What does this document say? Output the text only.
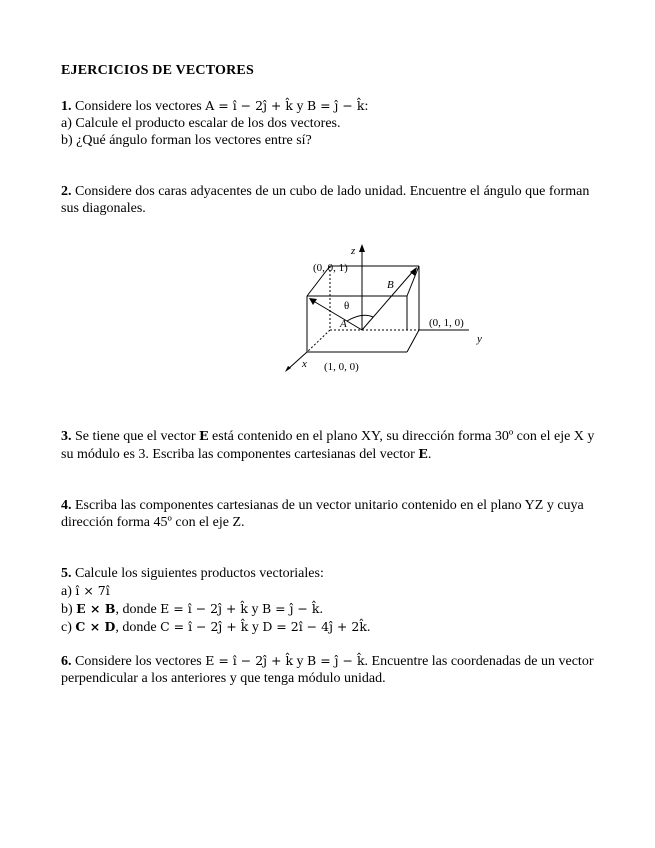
EJERCICIOS DE VECTORES

1. Considere los vectores A = î − 2ĵ + k̂ y B = ĵ − k̂:

a) Calcule el producto escalar de los dos vectores.

b) ¿Qué ángulo forman los vectores entre sí?

2. Considere dos caras adyacentes de un cubo de lado unidad. Encuentre el ángulo que forman sus diagonales.

z
(0, 0, 1)
B
θ
A	(0, 1, 0)
y
x (1, 0, 0)

3. Se tiene que el vector E está contenido en el plano XY, su dirección forma 30º con el eje X y su módulo es 3. Escriba las componentes cartesianas del vector E.

4. Escriba las componentes cartesianas de un vector unitario contenido en el plano YZ y cuya dirección forma 45º con el eje Z.

5. Calcule los siguientes productos vectoriales:

a) î × 7î

b) E × B, donde E = î − 2ĵ + k̂ y B = ĵ − k̂.

c) C × D, donde C = î − 2ĵ + k̂ y D = 2î − 4ĵ + 2k̂.

6. Considere los vectores E = î − 2ĵ + k̂ y B = ĵ − k̂. Encuentre las coordenadas de un vector perpendicular a los anteriores y que tenga módulo unidad.
